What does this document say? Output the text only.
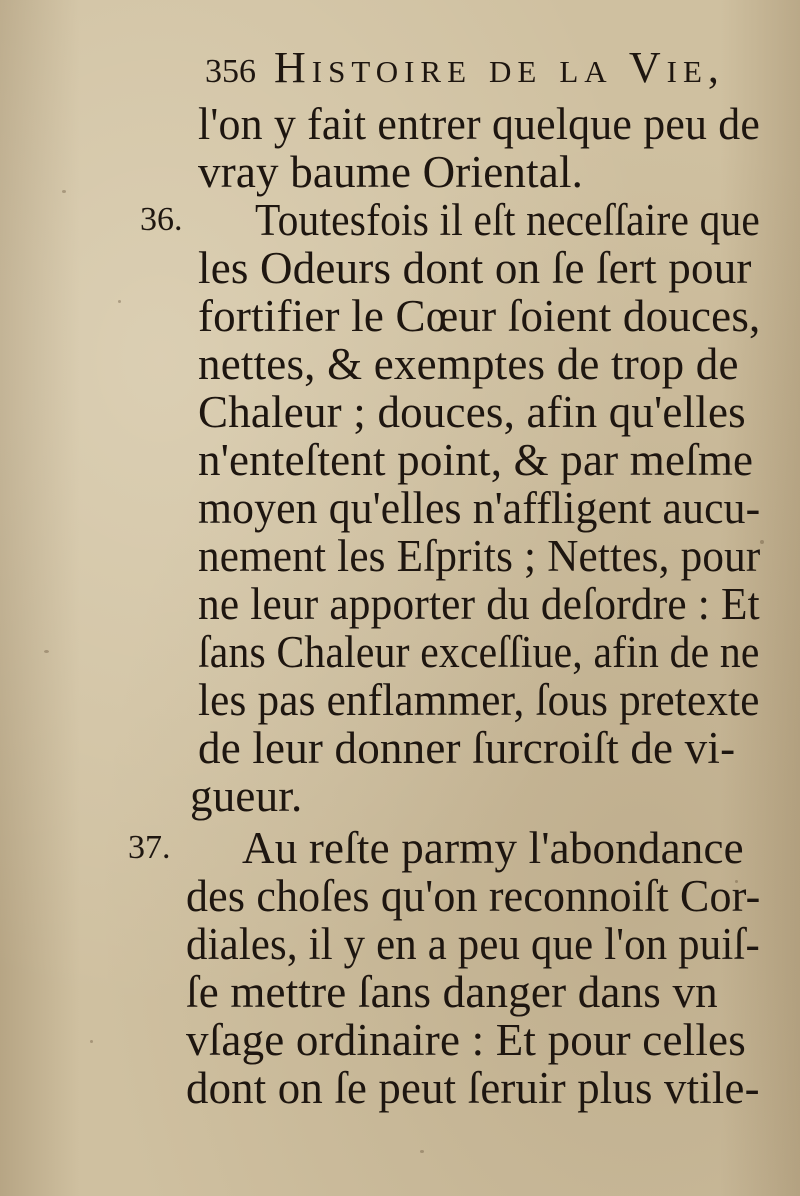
356 Histoire de la Vie,
l'on y fait entrer quelque peu de
vray baume Oriental.
36. Toutesfois il eſt neceſſaire que
les Odeurs dont on ſe ſert pour
fortifier le Cœur ſoient douces,
nettes, & exemptes de trop de
Chaleur ; douces, afin qu'elles
n'enteſtent point, & par meſme
moyen qu'elles n'affligent aucu-
nement les Eſprits ; Nettes, pour
ne leur apporter du deſordre : Et
ſans Chaleur exceſſiue, afin de ne
les pas enflammer, ſous pretexte
de leur donner ſurcroiſt de vi-
gueur.
37. Au reſte parmy l'abondance
des choſes qu'on reconnoiſt Cor-
diales, il y en a peu que l'on puiſ-
ſe mettre ſans danger dans vn
vſage ordinaire : Et pour celles
dont on ſe peut ſeruir plus vtile-
